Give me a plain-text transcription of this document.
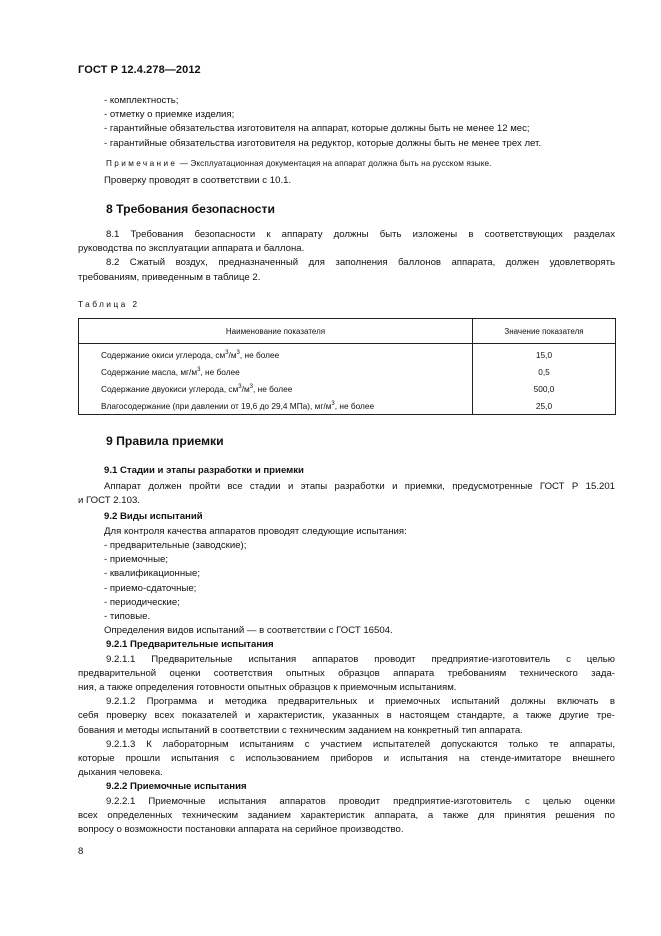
ГОСТ Р 12.4.278—2012
- комплектность;
- отметку о приемке изделия;
- гарантийные обязательства изготовителя на аппарат, которые должны быть не менее 12 мес;
- гарантийные обязательства изготовителя на редуктор, которые должны быть не менее трех лет.
Примечание — Эксплуатационная документация на аппарат должна быть на русском языке.
Проверку проводят в соответствии с 10.1.
8 Требования безопасности
8.1 Требования безопасности к аппарату должны быть изложены в соответствующих разделах
руководства по эксплуатации аппарата и баллона.
8.2 Сжатый воздух, предназначенный для заполнения баллонов аппарата, должен удовлетворять
требованиям, приведенным в таблице 2.
Таблица 2
Наименование показателя	Значение показателя
Содержание окиси углерода, $см^3/м^3$, не более	15,0
Содержание масла, $мг/м^3$, не более	0,5
Содержание двуокиси углерода, $см^3/м^3$, не более	500,0
Влагосодержание (при давлении от 19,6 до 29,4 МПа), $мг/м^3$, не более	25,0
9 Правила приемки
9.1 Стадии и этапы разработки и приемки
Аппарат должен пройти все стадии и этапы разработки и приемки, предусмотренные ГОСТ Р 15.201
и ГОСТ 2.103.
9.2 Виды испытаний
Для контроля качества аппаратов проводят следующие испытания:
- предварительные (заводские);
- приемочные;
- квалификационные;
- приемо-сдаточные;
- периодические;
- типовые.
Определения видов испытаний — в соответствии с ГОСТ 16504.
9.2.1 Предварительные испытания
9.2.1.1 Предварительные испытания аппаратов проводит предприятие-изготовитель с целью
предварительной оценки соответствия опытных образцов аппарата требованиям технического зада-
ния, а также определения готовности опытных образцов к приемочным испытаниям.
9.2.1.2 Программа и методика предварительных и приемочных испытаний должны включать в
себя проверку всех показателей и характеристик, указанных в настоящем стандарте, а также другие тре-
бования и методы испытаний в соответствии с техническим заданием на конкретный тип аппарата.
9.2.1.3 К лабораторным испытаниям с участием испытателей допускаются только те аппараты,
которые прошли испытания с использованием приборов и испытания на стенде-имитаторе внешнего
дыхания человека.
9.2.2 Приемочные испытания
9.2.2.1 Приемочные испытания аппаратов проводит предприятие-изготовитель с целью оценки
всех определенных техническим заданием характеристик аппарата, а также для принятия решения по
вопросу о возможности постановки аппарата на серийное производство.
8
